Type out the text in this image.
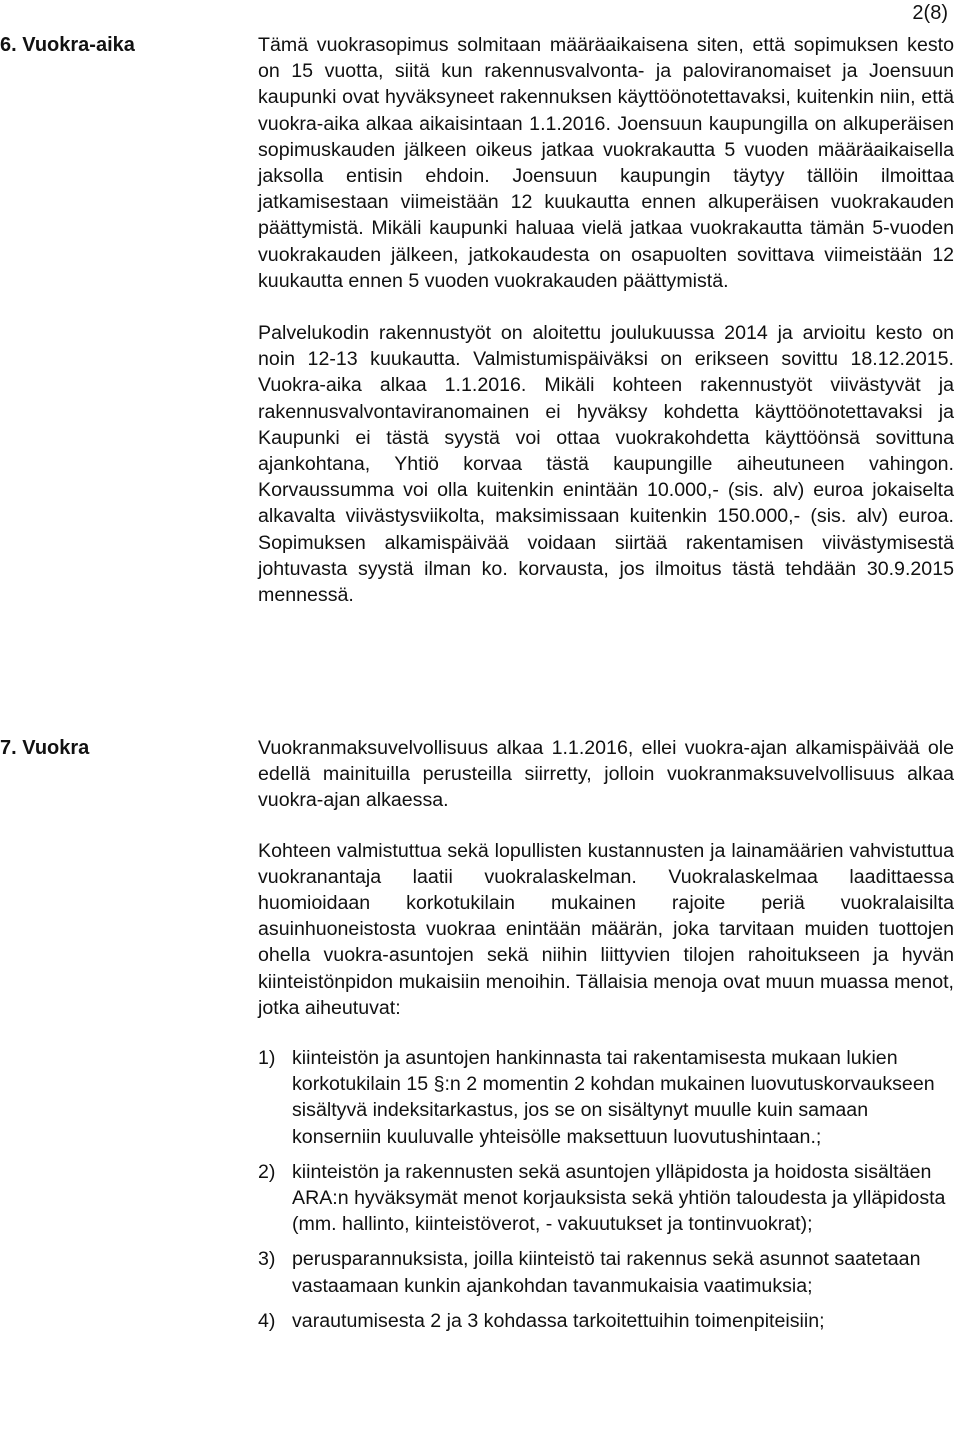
2(8)
6. Vuokra-aika	Tämä vuokrasopimus solmitaan määräaikaisena siten, että sopimuksen kesto on 15 vuotta, siitä kun rakennusvalvonta- ja paloviranomaiset ja Joensuun kaupunki ovat hyväksyneet rakennuksen käyttöönotettavaksi, kuitenkin niin, että vuokra-aika alkaa aikaisintaan 1.1.2016. Joensuun kaupungilla on alkuperäisen sopimuskauden jälkeen oikeus jatkaa vuokrakautta 5 vuoden määräaikaisella jaksolla entisin ehdoin. Joensuun kaupungin täytyy tällöin ilmoittaa jatkamisestaan viimeistään 12 kuukautta ennen alkuperäisen vuokrakauden päättymistä. Mikäli kaupunki haluaa vielä jatkaa vuokrakautta tämän 5-vuoden vuokrakauden jälkeen, jatkokaudesta on osapuolten sovittava viimeistään 12 kuukautta ennen 5 vuoden vuokrakauden päättymistä.

Palvelukodin rakennustyöt on aloitettu joulukuussa 2014 ja arvioitu kesto on noin 12-13 kuukautta. Valmistumispäiväksi on erikseen sovittu 18.12.2015. Vuokra-aika alkaa 1.1.2016. Mikäli kohteen rakennustyöt viivästyvät ja rakennusvalvontaviranomainen ei hyväksy kohdetta käyttöönotettavaksi ja Kaupunki ei tästä syystä voi ottaa vuokrakohdetta käyttöönsä sovittuna ajankohtana, Yhtiö korvaa tästä kaupungille aiheutuneen vahingon. Korvaussumma voi olla kuitenkin enintään 10.000,- (sis. alv) euroa jokaiselta alkavalta viivästysviikolta, maksimissaan kuitenkin 150.000,- (sis. alv) euroa. Sopimuksen alkamispäivää voidaan siirtää rakentamisen viivästymisestä johtuvasta syystä ilman ko. korvausta, jos ilmoitus tästä tehdään 30.9.2015 mennessä.

7. Vuokra	Vuokranmaksuvelvollisuus alkaa 1.1.2016, ellei vuokra-ajan alkamispäivää ole edellä mainituilla perusteilla siirretty, jolloin vuokranmaksuvelvollisuus alkaa vuokra-ajan alkaessa.

Kohteen valmistuttua sekä lopullisten kustannusten ja lainamäärien vahvistuttua vuokranantaja laatii vuokralaskelman. Vuokralaskelmaa laadittaessa huomioidaan korkotukilain mukainen rajoite periä vuokralaisilta asuinhuoneistosta vuokraa enintään määrän, joka tarvitaan muiden tuottojen ohella vuokra-asuntojen sekä niihin liittyvien tilojen rahoitukseen ja hyvän kiinteistönpidon mukaisiin menoihin. Tällaisia menoja ovat muun muassa menot, jotka aiheutuvat:

1) kiinteistön ja asuntojen hankinnasta tai rakentamisesta mukaan lukien korkotukilain 15 §:n 2 momentin 2 kohdan mukainen luovutuskorvaukseen sisältyvä indeksitarkastus, jos se on sisältynyt muulle kuin samaan konserniin kuuluvalle yhteisölle maksettuun luovutushintaan.;
2) kiinteistön ja rakennusten sekä asuntojen ylläpidosta ja hoidosta sisältäen ARA:n hyväksymät menot korjauksista sekä yhtiön taloudesta ja ylläpidosta (mm. hallinto, kiinteistöverot, - vakuutukset ja tontinvuokrat);
3) perusparannuksista, joilla kiinteistö tai rakennus sekä asunnot saatetaan vastaamaan kunkin ajankohdan tavanmukaisia vaatimuksia;
4) varautumisesta 2 ja 3 kohdassa tarkoitettuihin toimenpiteisiin;
